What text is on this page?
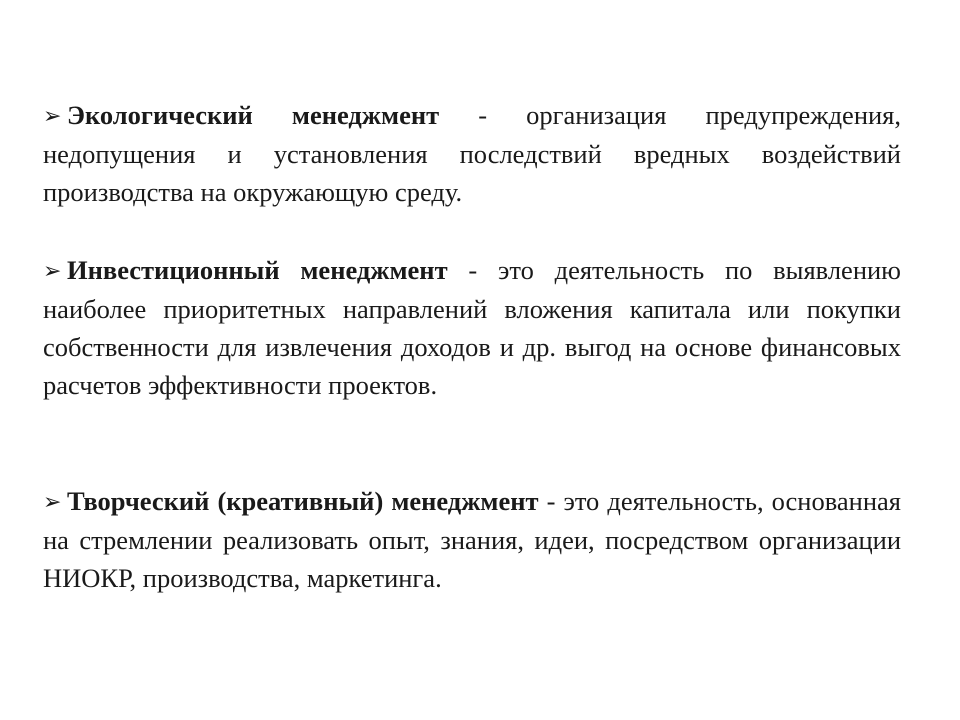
➢ Экологический менеджмент - организация предупреждения, недопущения и установления последствий вредных воздействий производства на окружающую среду.
➢ Инвестиционный менеджмент - это деятельность по выявлению наиболее приоритетных направлений вложения капитала или покупки собственности для извлечения доходов и др. выгод на основе финансовых расчетов эффективности проектов.
➢ Творческий (креативный) менеджмент - это деятельность, основанная на стремлении реализовать опыт, знания, идеи, посредством организации НИОКР, производства, маркетинга.
